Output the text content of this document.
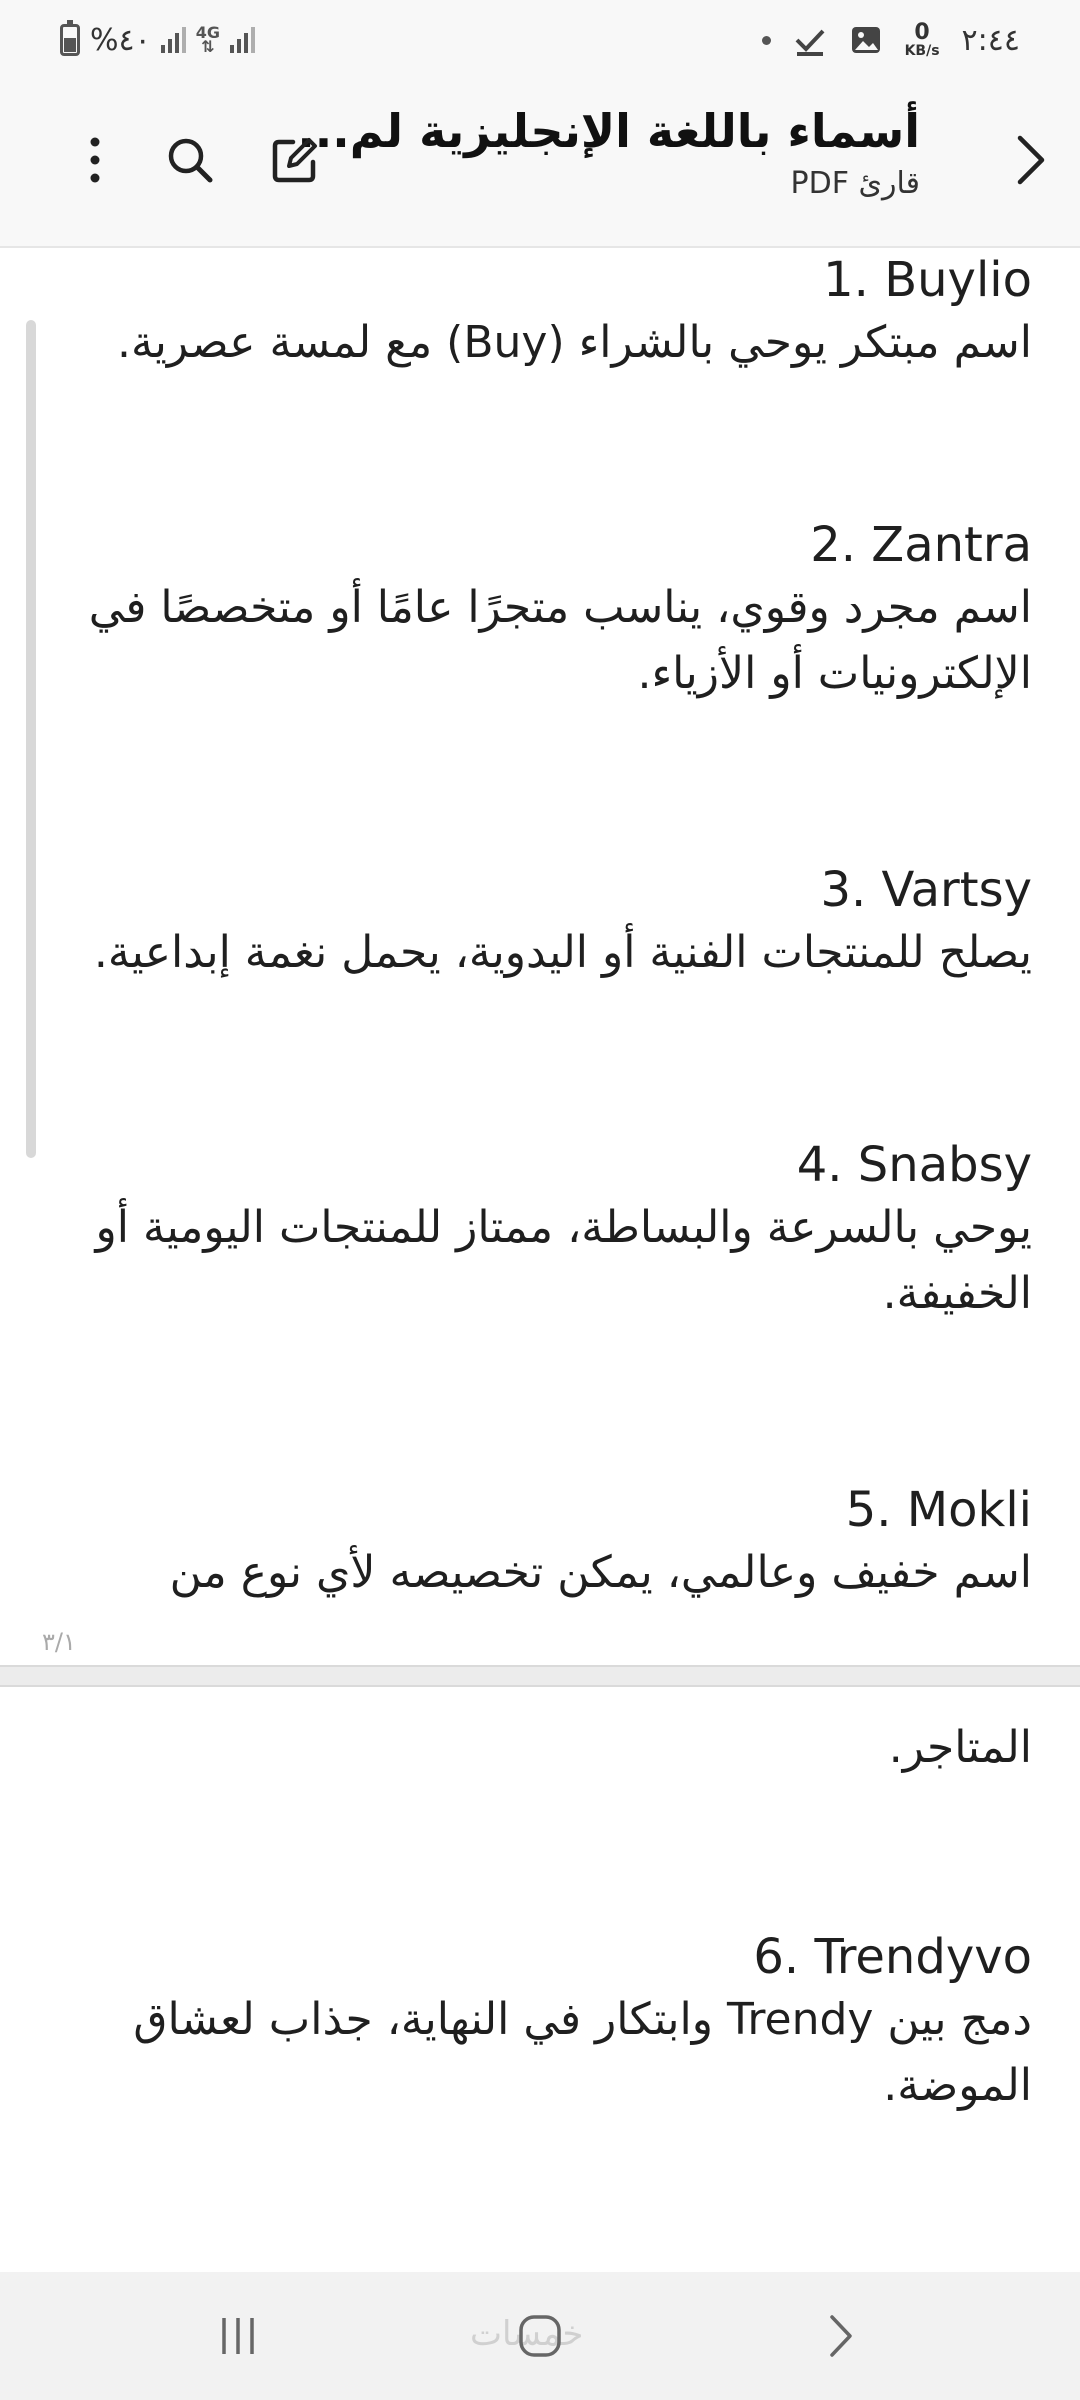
%٤٠	4G
⇅
0
KB/s ٢:٤٤
أسماء باللغة الإنجليزية لم...
قارئ PDF
1. Buylio
اسم مبتكر يوحي بالشراء (Buy) مع لمسة عصرية.
2. Zantra
اسم مجرد وقوي، يناسب متجرًا عامًا أو متخصصًا في الإلكترونيات أو الأزياء.
3. Vartsy
يصلح للمنتجات الفنية أو اليدوية، يحمل نغمة إبداعية.
4. Snabsy
يوحي بالسرعة والبساطة، ممتاز للمنتجات اليومية أو الخفيفة.
5. Mokli
اسم خفيف وعالمي، يمكن تخصيصه لأي نوع من
٣/١
المتاجر.
6. Trendyvo
دمج بين Trendy وابتكار في النهاية، جذاب لعشاق الموضة.
خمسات
